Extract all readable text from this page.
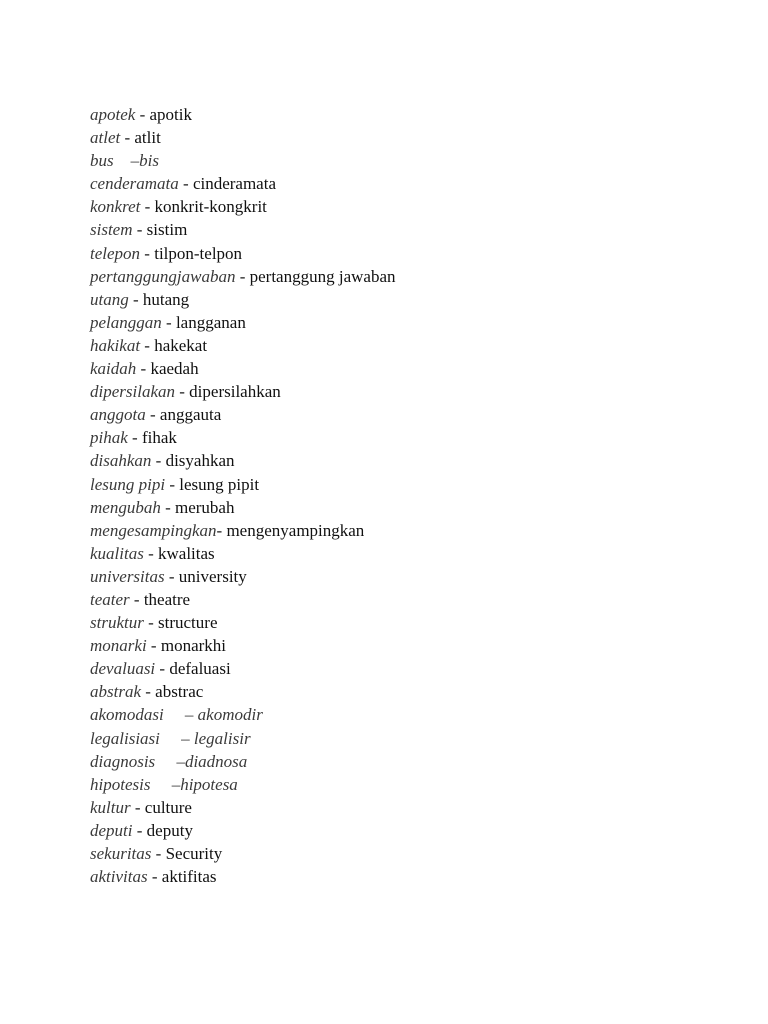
apotek - apotik
atlet - atlit
bus    –bis
cenderamata - cinderamata
konkret - konkrit-kongkrit
sistem - sistim
telepon - tilpon-telpon
pertanggungjawaban - pertanggung jawaban
utang - hutang
pelanggan - langganan
hakikat - hakekat
kaidah - kaedah
dipersilakan - dipersilahkan
anggota - anggauta
pihak - fihak
disahkan - disyahkan
lesung pipi - lesung pipit
mengubah - merubah
mengesampingkan- mengenyampingkan
kualitas - kwalitas
universitas - university
teater - theatre
struktur - structure
monarki - monarkhi
devaluasi - defaluasi
abstrak - abstrac
akomodasi     – akomodir
legalisiasi     – legalisir
diagnosis     –diadnosa
hipotesis     –hipotesa
kultur - culture
deputi - deputy
sekuritas - Security
aktivitas - aktifitas
